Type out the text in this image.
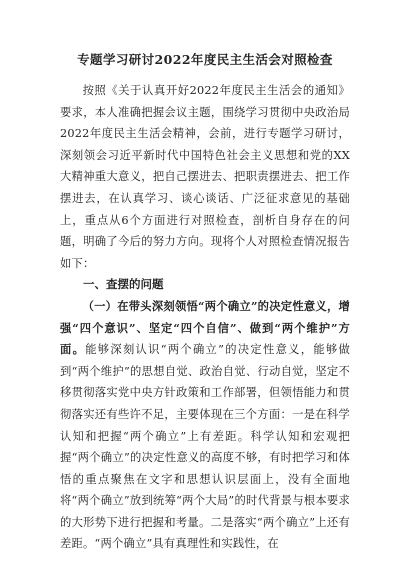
专题学习研讨2022年度民主生活会对照检查

按照《关于认真开好2022年度民主生活会的通知》要求，本人准确把握会议主题，围绕学习贯彻中央政治局2022年度民主生活会精神，会前，进行专题学习研讨，深刻领会习近平新时代中国特色社会主义思想和党的XX大精神重大意义，把自己摆进去、把职责摆进去、把工作摆进去，在认真学习、谈心谈话、广泛征求意见的基础上，重点从6个方面进行对照检查，剖析自身存在的问题，明确了今后的努力方向。现将个人对照检查情况报告如下：

一、查摆的问题

（一）在带头深刻领悟“两个确立”的决定性意义，增强“四个意识”、坚定“四个自信”、做到“两个维护”方面。能够深刻认识“两个确立”的决定性意义，能够做到“两个维护”的思想自觉、政治自觉、行动自觉，坚定不移贯彻落实党中央方针政策和工作部署，但领悟能力和贯彻落实还有些许不足，主要体现在三个方面：一是在科学认知和把握“两个确立”上有差距。科学认知和宏观把握“两个确立”的决定性意义的高度不够，有时把学习和体悟的重点聚焦在文字和思想认识层面上，没有全面地将“两个确立”放到统筹“两个大局”的时代背景与根本要求的大形势下进行把握和考量。二是落实“两个确立”上还有差距。“两个确立”具有真理性和实践性，在
